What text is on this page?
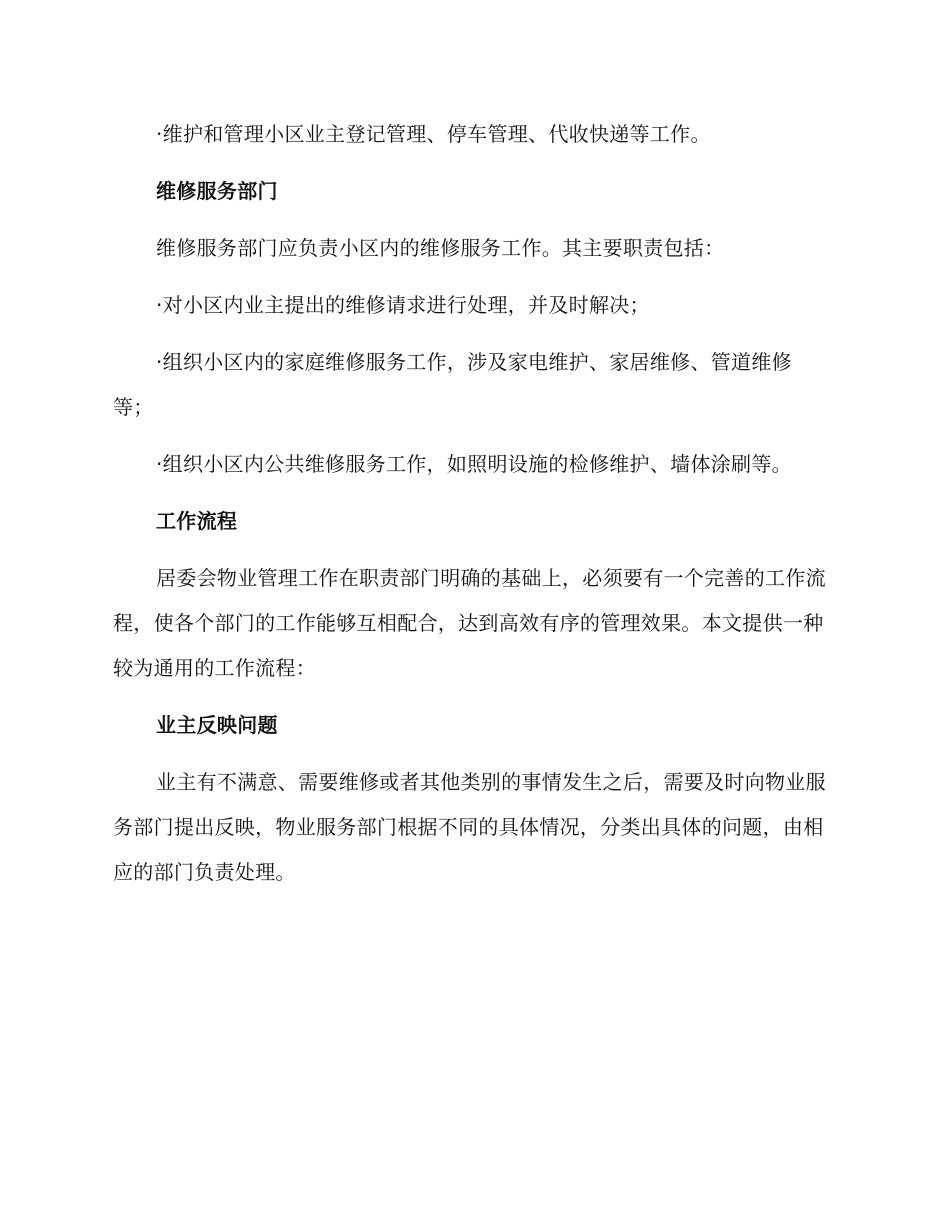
·维护和管理小区业主登记管理、停车管理、代收快递等工作。

维修服务部门

维修服务部门应负责小区内的维修服务工作。其主要职责包括：

·对小区内业主提出的维修请求进行处理，并及时解决；

·组织小区内的家庭维修服务工作，涉及家电维护、家居维修、管道维修等；

·组织小区内公共维修服务工作，如照明设施的检修维护、墙体涂刷等。

工作流程

居委会物业管理工作在职责部门明确的基础上，必须要有一个完善的工作流程，使各个部门的工作能够互相配合，达到高效有序的管理效果。本文提供一种较为通用的工作流程：

业主反映问题

业主有不满意、需要维修或者其他类别的事情发生之后，需要及时向物业服务部门提出反映，物业服务部门根据不同的具体情况，分类出具体的问题，由相应的部门负责处理。
